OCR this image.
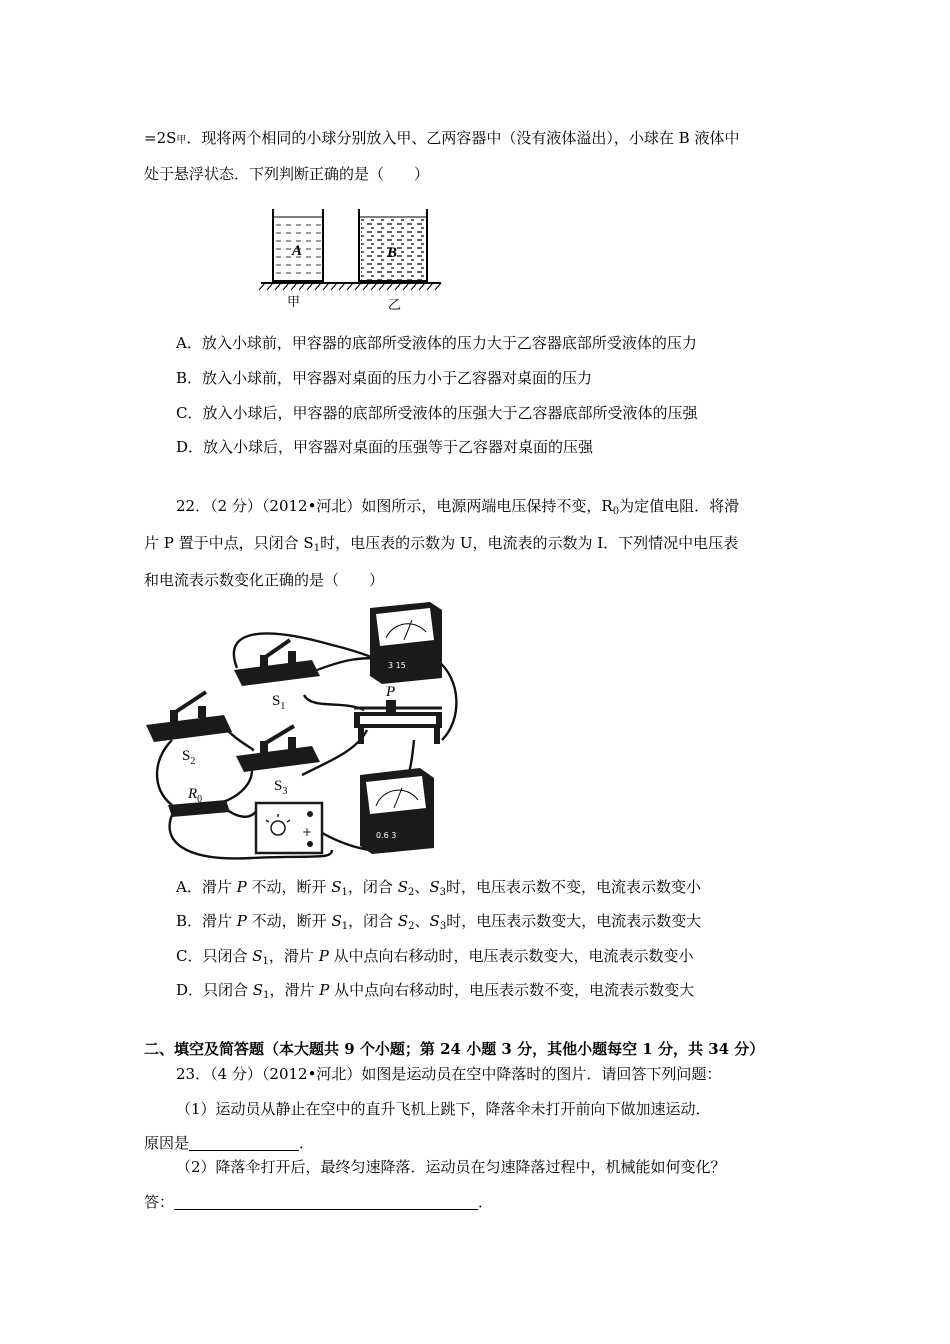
=2S甲．现将两个相同的小球分别放入甲、乙两容器中（没有液体溢出），小球在 B 液体中
处于悬浮状态．下列判断正确的是（　　）
A	B
甲	乙
A．放入小球前，甲容器的底部所受液体的压力大于乙容器底部所受液体的压力
B．放入小球前，甲容器对桌面的压力小于乙容器对桌面的压力
C．放入小球后，甲容器的底部所受液体的压强大于乙容器底部所受液体的压强
D．放入小球后，甲容器对桌面的压强等于乙容器对桌面的压强
22．（2 分）（2012•河北）如图所示，电源两端电压保持不变，$R_0$为定值电阻．将滑
片 P 置于中点，只闭合 $S_1$时，电压表的示数为 U，电流表的示数为 I．下列情况中电压表
和电流表示数变化正确的是（　　）
3 15
0.6 3
+
$S_1$
$S_2$
$S_3$
$R_0$
P
A．滑片 P 不动，断开 $S_1$，闭合 $S_2$、$S_3$时，电压表示数不变，电流表示数变小
B．滑片 P 不动，断开 $S_1$，闭合 $S_2$、$S_3$时，电压表示数变大，电流表示数变大
C．只闭合 $S_1$，滑片 P 从中点向右移动时，电压表示数变大，电流表示数变小
D．只闭合 $S_1$，滑片 P 从中点向右移动时，电压表示数不变，电流表示数变大
二、填空及简答题（本大题共 9 个小题；第 24 小题 3 分，其他小题每空 1 分，共 34 分）
23．（4 分）（2012•河北）如图是运动员在空中降落时的图片．请回答下列问题：
（1）运动员从静止在空中的直升飞机上跳下，降落伞未打开前向下做加速运动．
原因是	．
（2）降落伞打开后，最终匀速降落．运动员在匀速降落过程中，机械能如何变化？
答：	．
